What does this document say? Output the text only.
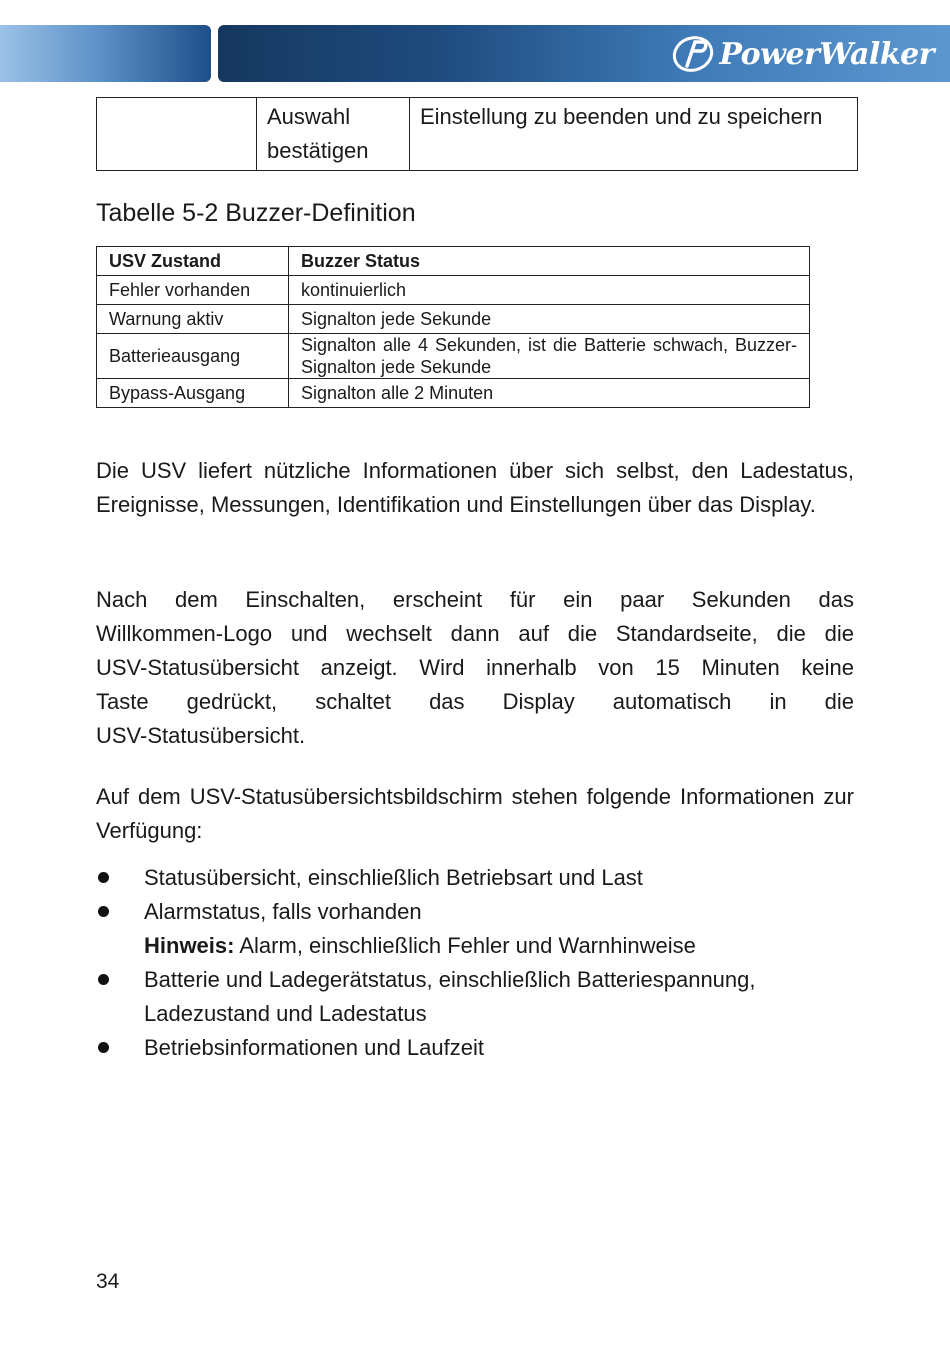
PowerWalker
	Auswahl bestätigen	Einstellung zu beenden und zu speichern
Tabelle 5-2 Buzzer-Definition
USV Zustand	Buzzer Status
Fehler vorhanden	kontinuierlich
Warnung aktiv	Signalton jede Sekunde
Batterieausgang	Signalton alle 4 Sekunden, ist die Batterie schwach, Buzzer-Signalton jede Sekunde
Bypass-Ausgang	Signalton alle 2 Minuten

Die USV liefert nützliche Informationen über sich selbst, den Ladestatus, Ereignisse, Messungen, Identifikation und Einstellungen über das Display.

Nach dem Einschalten, erscheint für ein paar Sekunden das
Willkommen-Logo und wechselt dann auf die Standardseite, die die
USV-Statusübersicht anzeigt. Wird innerhalb von 15 Minuten keine
Taste gedrückt, schaltet das Display automatisch in die
USV-Statusübersicht.

Auf dem USV-Statusübersichtsbildschirm stehen folgende Informationen zur Verfügung:

Statusübersicht, einschließlich Betriebsart und Last
Alarmstatus, falls vorhanden
Hinweis: Alarm, einschließlich Fehler und Warnhinweise
Batterie und Ladegerätstatus, einschließlich Batteriespannung, Ladezustand und Ladestatus
Betriebsinformationen und Laufzeit
34
